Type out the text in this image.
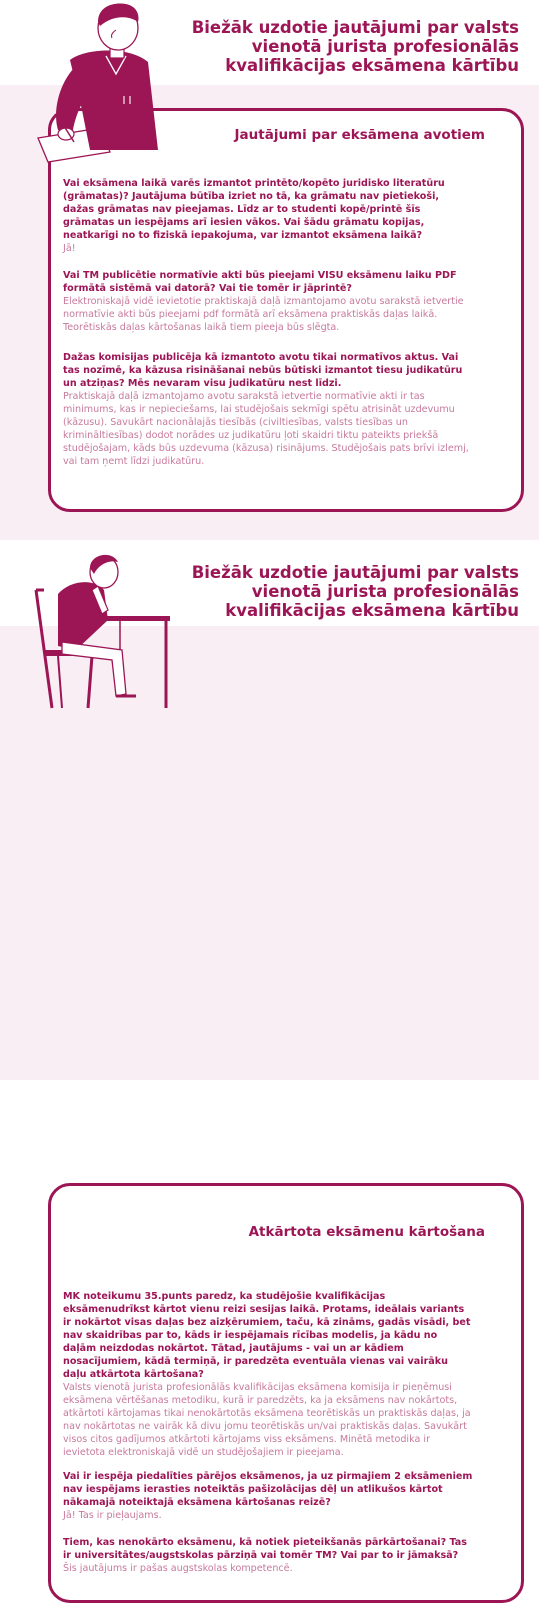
Biežāk uzdotie jautājumi par valsts
vienotā jurista profesionālās
kvalifikācijas eksāmena kārtību
Jautājumi par eksāmena avotiem

Vai eksāmena laikā varēs izmantot printēto/kopēto juridisko literatūru (grāmatas)? Jautājuma būtība izriet no tā, ka grāmatu nav pietiekoši, dažas grāmatas nav pieejamas. Līdz ar to studenti kopē/printē šīs grāmatas un iespējams arī iesien vākos. Vai šādu grāmatu kopijas, neatkarīgi no to fiziskā iepakojuma, var izmantot eksāmena laikā?

Jā!

Vai TM publicētie normatīvie akti būs pieejami VISU eksāmenu laiku PDF formātā sistēmā vai datorā? Vai tie tomēr ir jāprintē?

Elektroniskajā vidē ievietotie praktiskajā daļā izmantojamo avotu sarakstā ietvertie normatīvie akti būs pieejami pdf formātā arī eksāmena praktiskās daļas laikā. Teorētiskās daļas kārtošanas laikā tiem pieeja būs slēgta.

Dažas komisijas publicēja kā izmantoto avotu tikai normatīvos aktus. Vai tas nozīmē, ka kāzusa risināšanai nebūs būtiski izmantot tiesu judikatūru un atziņas? Mēs nevaram visu judikatūru nest līdzi.

Praktiskajā daļā izmantojamo avotu sarakstā ietvertie normatīvie akti ir tas minimums, kas ir nepieciešams, lai studējošais sekmīgi spētu atrisināt uzdevumu (kāzusu). Savukārt nacionālajās tiesībās (civiltiesības, valsts tiesības un krimināltiesības) dodot norādes uz judikatūru ļoti skaidri tiktu pateikts priekšā studējošajam, kāds būs uzdevuma (kāzusa) risinājums. Studējošais pats brīvi izlemj, vai tam ņemt līdzi judikatūru.

Biežāk uzdotie jautājumi par valsts
vienotā jurista profesionālās
kvalifikācijas eksāmena kārtību
Atkārtota eksāmenu kārtošana

MK noteikumu 35.punts paredz, ka studējošie kvalifikācijas eksāmenudrīkst kārtot vienu reizi sesijas laikā. Protams, ideālais variants ir nokārtot visas daļas bez aizķērumiem, taču, kā zināms, gadās visādi, bet nav skaidrības par to, kāds ir iespējamais rīcības modelis, ja kādu no daļām neizdodas nokārtot. Tātad, jautājums - vai un ar kādiem nosacījumiem, kādā termiņā, ir paredzēta eventuāla vienas vai vairāku daļu atkārtota kārtošana?

Valsts vienotā jurista profesionālās kvalifikācijas eksāmena komisija ir pieņēmusi eksāmena vērtēšanas metodiku, kurā ir paredzēts, ka ja eksāmens nav nokārtots, atkārtoti kārtojamas tikai nenokārtotās eksāmena teorētiskās un praktiskās daļas, ja nav nokārtotas ne vairāk kā divu jomu teorētiskās un/vai praktiskās daļas. Savukārt visos citos gadījumos atkārtoti kārtojams viss eksāmens. Minētā metodika ir ievietota elektroniskajā vidē un studējošajiem ir pieejama.

Vai ir iespēja piedalīties pārējos eksāmenos, ja uz pirmajiem 2 eksāmeniem nav iespējams ierasties noteiktās pašizolācijas dēļ un atlikušos kārtot nākamajā noteiktajā eksāmena kārtošanas reizē?

Jā! Tas ir pieļaujams.

Tiem, kas nenokārto eksāmenu, kā notiek pieteikšanās pārkārtošanai? Tas ir universitātes/augstskolas pārziņā vai tomēr TM? Vai par to ir jāmaksā?

Šis jautājums ir pašas augstskolas kompetencē.
